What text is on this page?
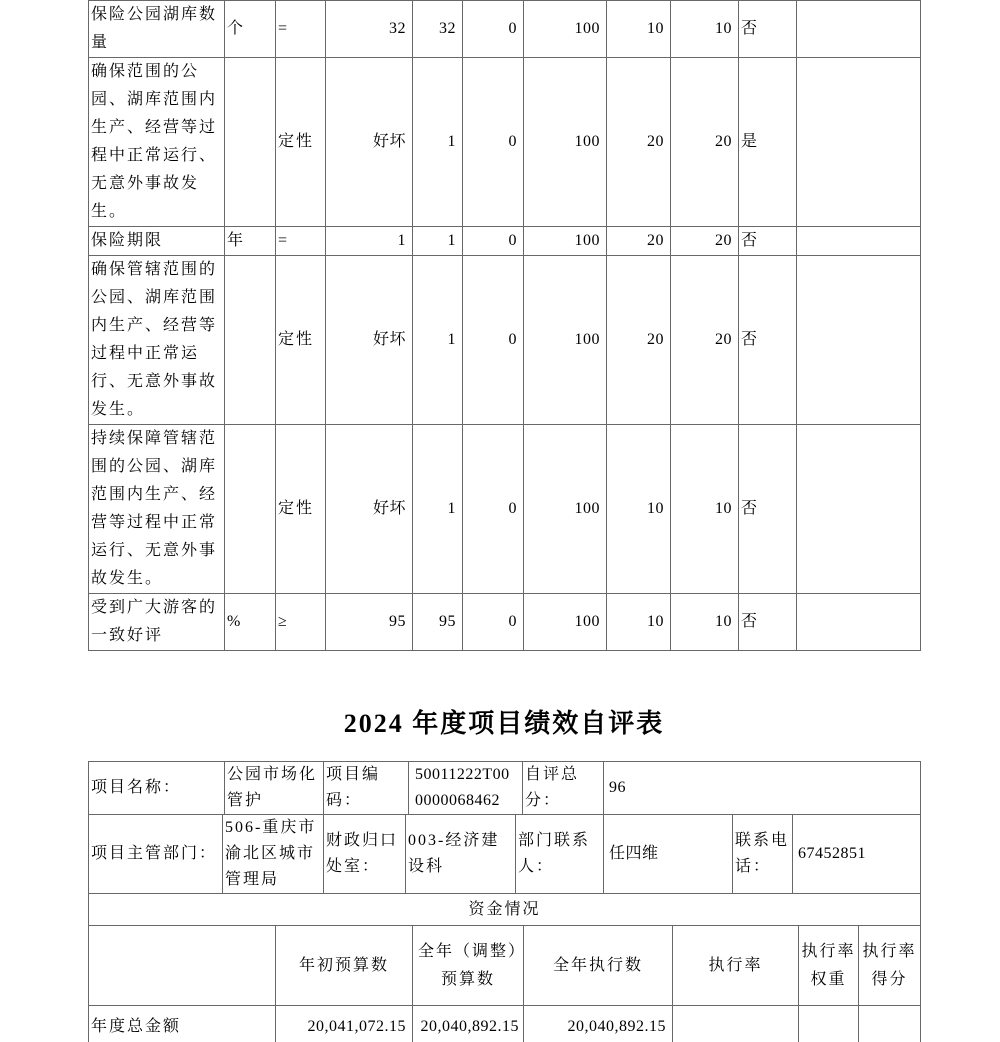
保险公园湖库数量	个	=	32	32	0	100	10	10	否	
确保范围的公园、湖库范围内生产、经营等过程中正常运行、无意外事故发生。		定性	好坏	1	0	100	20	20	是	
保险期限	年	=	1	1	0	100	20	20	否	
确保管辖范围的公园、湖库范围内生产、经营等过程中正常运行、无意外事故发生。		定性	好坏	1	0	100	20	20	否	
持续保障管辖范围的公园、湖库范围内生产、经营等过程中正常运行、无意外事故发生。		定性	好坏	1	0	100	10	10	否	
受到广大游客的一致好评	%	≥	95	95	0	100	10	10	否	
2024 年度项目绩效自评表
项目名称：	公园市场化管护	项目编码：	50011222T000000068462	自评总分：	96
项目主管部门：	506-重庆市渝北区城市管理局	财政归口处室：	003-经济建设科	部门联系人：	任四维	联系电话：	67452851
资金情况						
	年初预算数	全年（调整）预算数	全年执行数	执行率	执行率权重	执行率得分
年度总金额	20,041,072.15	20,040,892.15	20,040,892.15			
